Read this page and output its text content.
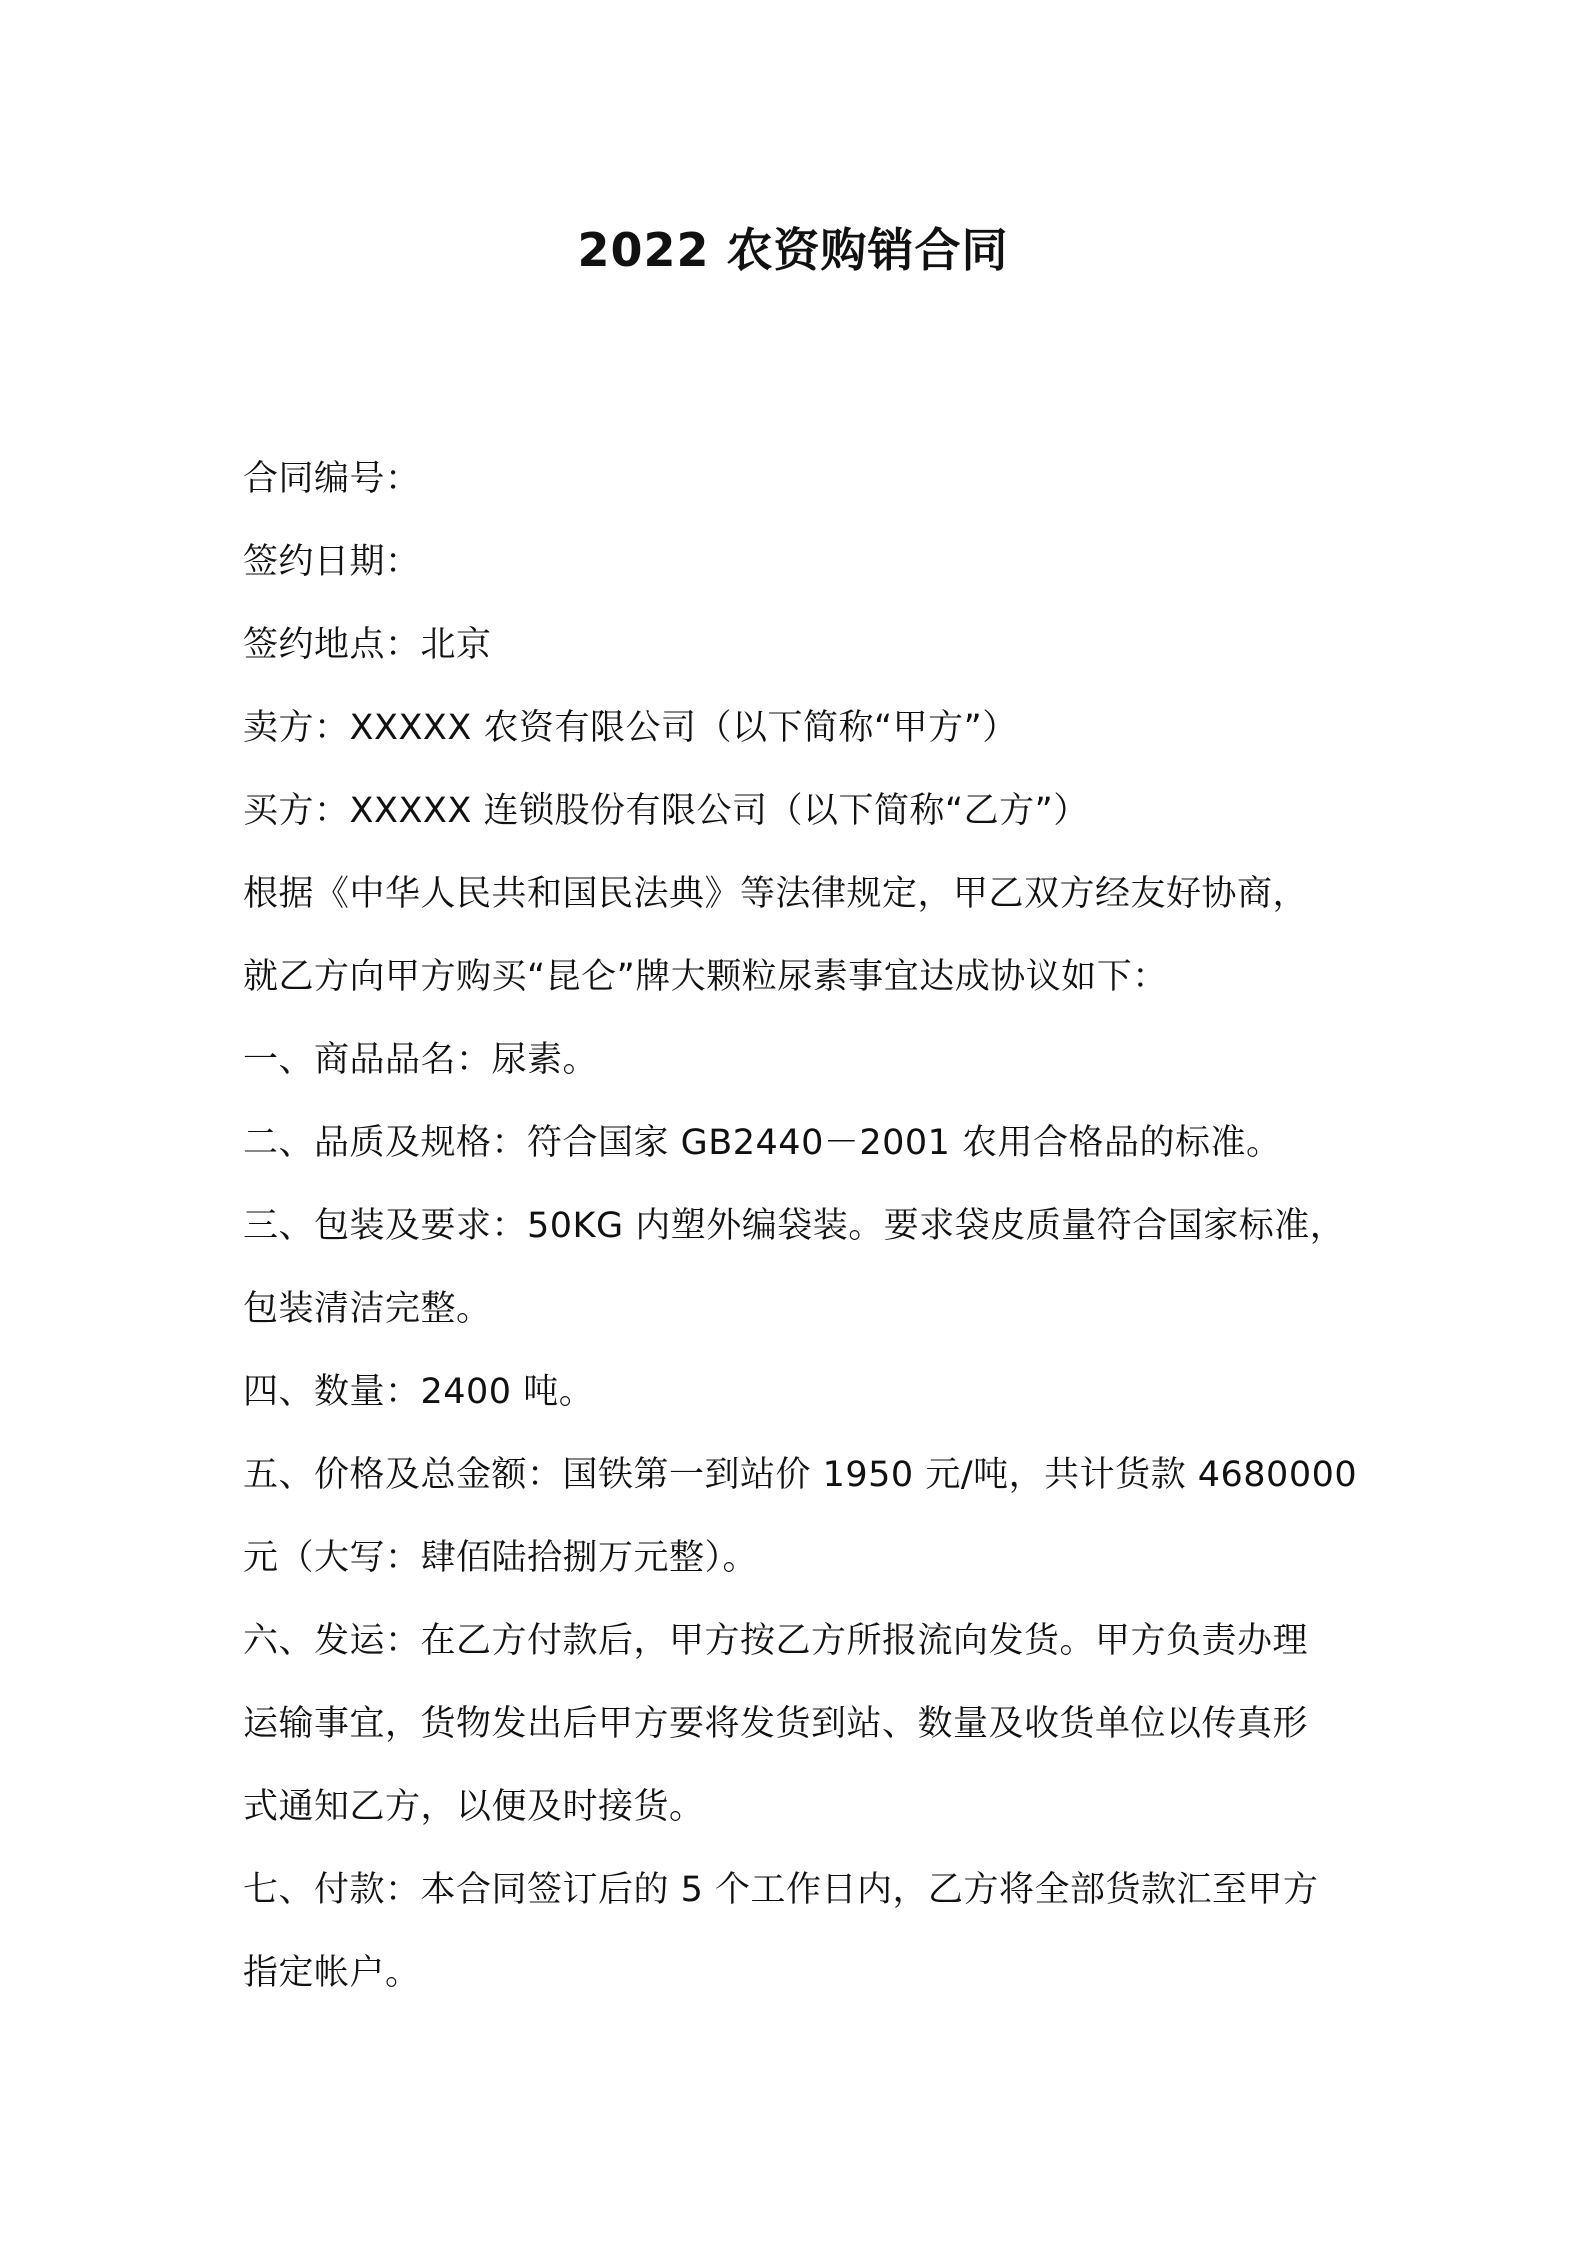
2022 农资购销合同
合同编号：
签约日期：
签约地点：北京
卖方：XXXXX 农资有限公司（以下简称“甲方”）
买方：XXXXX 连锁股份有限公司（以下简称“乙方”）
根据《中华人民共和国民法典》等法律规定，甲乙双方经友好协商，
就乙方向甲方购买“昆仑”牌大颗粒尿素事宜达成协议如下：
一、商品品名：尿素。
二、品质及规格：符合国家 GB2440－2001 农用合格品的标准。
三、包装及要求：50KG 内塑外编袋装。要求袋皮质量符合国家标准，
包装清洁完整。
四、数量：2400 吨。
五、价格及总金额：国铁第一到站价 1950 元/吨，共计货款 4680000
元（大写：肆佰陆拾捌万元整）。
六、发运：在乙方付款后，甲方按乙方所报流向发货。甲方负责办理
运输事宜，货物发出后甲方要将发货到站、数量及收货单位以传真形
式通知乙方，以便及时接货。
七、付款：本合同签订后的 5 个工作日内，乙方将全部货款汇至甲方
指定帐户。
